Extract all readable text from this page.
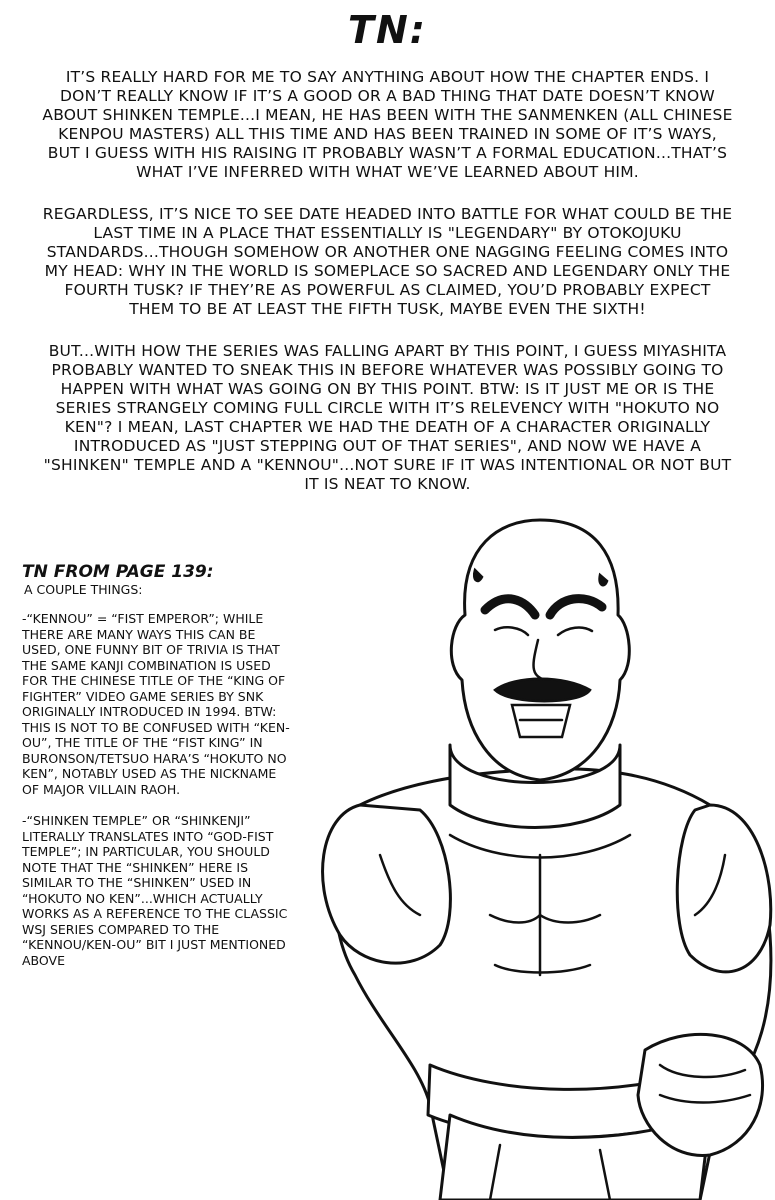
TN:

IT’S REALLY HARD FOR ME TO SAY ANYTHING ABOUT HOW THE CHAPTER ENDS. I DON’T REALLY KNOW IF IT’S A GOOD OR A BAD THING THAT DATE DOESN’T KNOW ABOUT SHINKEN TEMPLE...I MEAN, HE HAS BEEN WITH THE SANMENKEN (ALL CHINESE KENPOU MASTERS) ALL THIS TIME AND HAS BEEN TRAINED IN SOME OF IT’S WAYS, BUT I GUESS WITH HIS RAISING IT PROBABLY WASN’T A FORMAL EDUCATION...THAT’S WHAT I’VE INFERRED WITH WHAT WE’VE LEARNED ABOUT HIM.

REGARDLESS, IT’S NICE TO SEE DATE HEADED INTO BATTLE FOR WHAT COULD BE THE LAST TIME IN A PLACE THAT ESSENTIALLY IS "LEGENDARY" BY OTOKOJUKU STANDARDS...THOUGH SOMEHOW OR ANOTHER ONE NAGGING FEELING COMES INTO MY HEAD: WHY IN THE WORLD IS SOMEPLACE SO SACRED AND LEGENDARY ONLY THE FOURTH TUSK? IF THEY’RE AS POWERFUL AS CLAIMED, YOU’D PROBABLY EXPECT THEM TO BE AT LEAST THE FIFTH TUSK, MAYBE EVEN THE SIXTH!

BUT...WITH HOW THE SERIES WAS FALLING APART BY THIS POINT, I GUESS MIYASHITA PROBABLY WANTED TO SNEAK THIS IN BEFORE WHATEVER WAS POSSIBLY GOING TO HAPPEN WITH WHAT WAS GOING ON BY THIS POINT. BTW: IS IT JUST ME OR IS THE SERIES STRANGELY COMING FULL CIRCLE WITH IT’S RELEVENCY WITH "HOKUTO NO KEN"? I MEAN, LAST CHAPTER WE HAD THE DEATH OF A CHARACTER ORIGINALLY INTRODUCED AS "JUST STEPPING OUT OF THAT SERIES", AND NOW WE HAVE A "SHINKEN" TEMPLE AND A "KENNOU"...NOT SURE IF IT WAS INTENTIONAL OR NOT BUT IT IS NEAT TO KNOW.

TN FROM PAGE 139:

A COUPLE THINGS:

-“KENNOU” = “FIST EMPEROR”; WHILE THERE ARE MANY WAYS THIS CAN BE USED, ONE FUNNY BIT OF TRIVIA IS THAT THE SAME KANJI COMBINATION IS USED FOR THE CHINESE TITLE OF THE “KING OF FIGHTER” VIDEO GAME SERIES BY SNK ORIGINALLY INTRODUCED IN 1994. BTW: THIS IS NOT TO BE CONFUSED WITH “KEN-OU”, THE TITLE OF THE “FIST KING” IN BURONSON/TETSUO HARA’S “HOKUTO NO KEN”, NOTABLY USED AS THE NICKNAME OF MAJOR VILLAIN RAOH.

-“SHINKEN TEMPLE” OR “SHINKENJI” LITERALLY TRANSLATES INTO “GOD-FIST TEMPLE”; IN PARTICULAR, YOU SHOULD NOTE THAT THE “SHINKEN” HERE IS SIMILAR TO THE “SHINKEN” USED IN “HOKUTO NO KEN”...WHICH ACTUALLY WORKS AS A REFERENCE TO THE CLASSIC WSJ SERIES COMPARED TO THE “KENNOU/KEN-OU” BIT I JUST MENTIONED ABOVE
